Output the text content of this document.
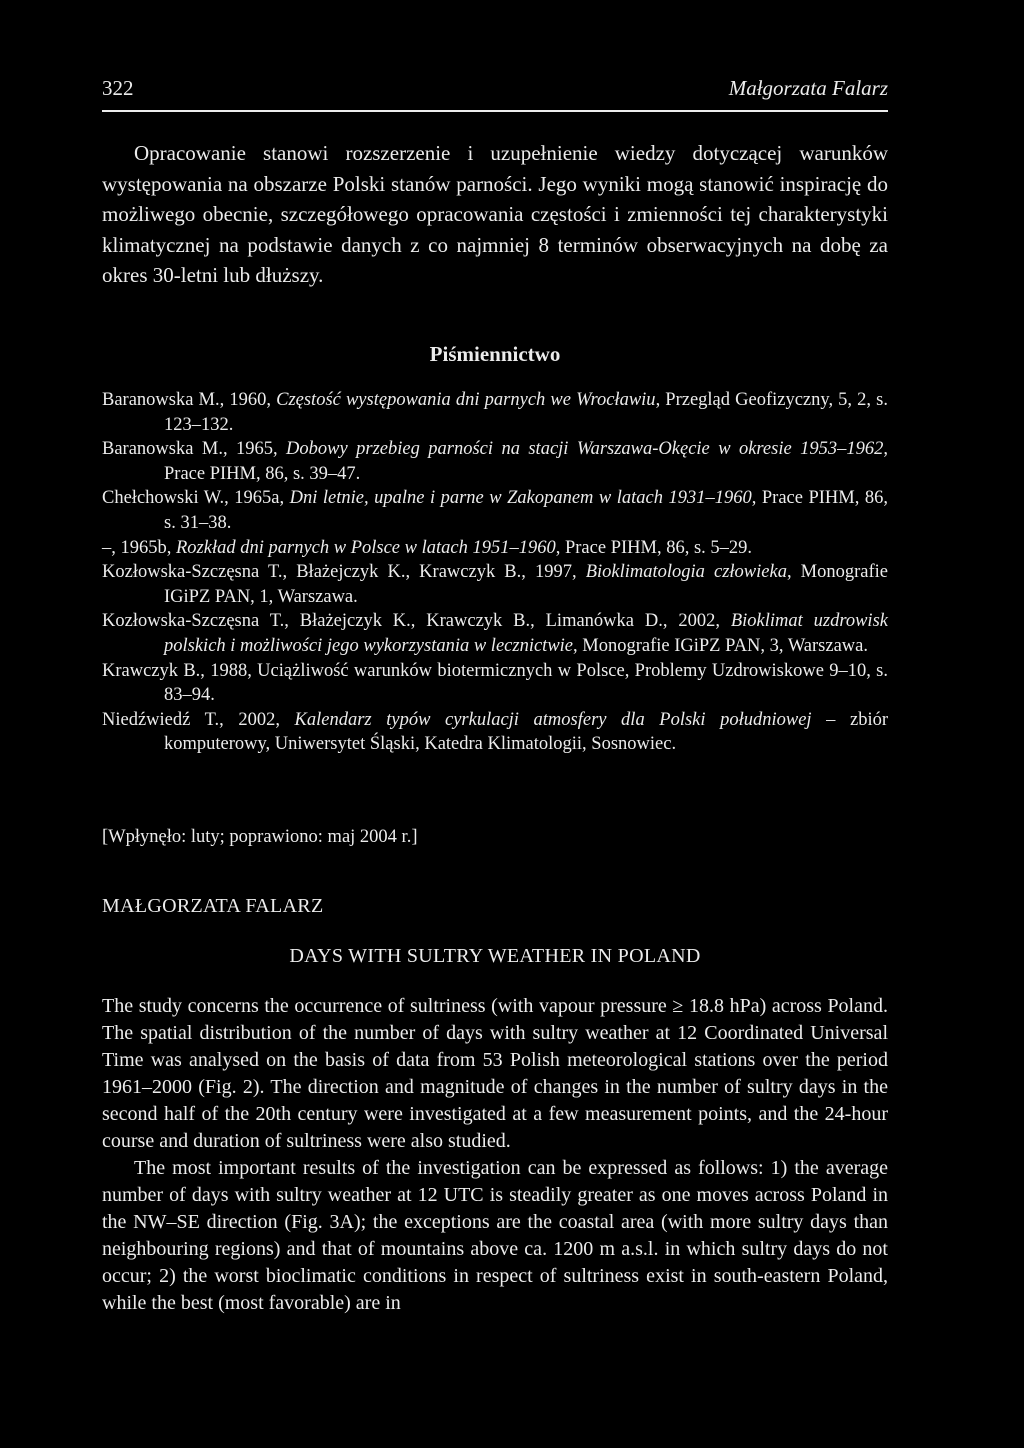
322	Małgorzata Falarz

Opracowanie stanowi rozszerzenie i uzupełnienie wiedzy dotyczącej warunków występowania na obszarze Polski stanów parności. Jego wyniki mogą stanowić inspirację do możliwego obecnie, szczegółowego opracowania częstości i zmienności tej charakterystyki klimatycznej na podstawie danych z co najmniej 8 terminów obserwacyjnych na dobę za okres 30-letni lub dłuższy.

Piśmiennictwo
Baranowska M., 1960, Częstość występowania dni parnych we Wrocławiu, Przegląd Geofizyczny, 5, 2, s. 123–132.
Baranowska M., 1965, Dobowy przebieg parności na stacji Warszawa-Okęcie w okresie 1953–1962, Prace PIHM, 86, s. 39–47.
Chełchowski W., 1965a, Dni letnie, upalne i parne w Zakopanem w latach 1931–1960, Prace PIHM, 86, s. 31–38.
–, 1965b, Rozkład dni parnych w Polsce w latach 1951–1960, Prace PIHM, 86, s. 5–29.
Kozłowska-Szczęsna T., Błażejczyk K., Krawczyk B., 1997, Bioklimatologia człowieka, Monografie IGiPZ PAN, 1, Warszawa.
Kozłowska-Szczęsna T., Błażejczyk K., Krawczyk B., Limanówka D., 2002, Bioklimat uzdrowisk polskich i możliwości jego wykorzystania w lecznictwie, Monografie IGiPZ PAN, 3, Warszawa.
Krawczyk B., 1988, Uciążliwość warunków biotermicznych w Polsce, Problemy Uzdrowiskowe 9–10, s. 83–94.
Niedźwiedź T., 2002, Kalendarz typów cyrkulacji atmosfery dla Polski południowej – zbiór komputerowy, Uniwersytet Śląski, Katedra Klimatologii, Sosnowiec.
[Wpłynęło: luty; poprawiono: maj 2004 r.]
MAŁGORZATA FALARZ
DAYS WITH SULTRY WEATHER IN POLAND

The study concerns the occurrence of sultriness (with vapour pressure ≥ 18.8 hPa) across Poland. The spatial distribution of the number of days with sultry weather at 12 Coordinated Universal Time was analysed on the basis of data from 53 Polish meteorological stations over the period 1961–2000 (Fig. 2). The direction and magnitude of changes in the number of sultry days in the second half of the 20th century were investigated at a few measurement points, and the 24-hour course and duration of sultriness were also studied.

The most important results of the investigation can be expressed as follows: 1) the average number of days with sultry weather at 12 UTC is steadily greater as one moves across Poland in the NW–SE direction (Fig. 3A); the exceptions are the coastal area (with more sultry days than neighbouring regions) and that of mountains above ca. 1200 m a.s.l. in which sultry days do not occur; 2) the worst bioclimatic conditions in respect of sultriness exist in south-eastern Poland, while the best (most favorable) are in
